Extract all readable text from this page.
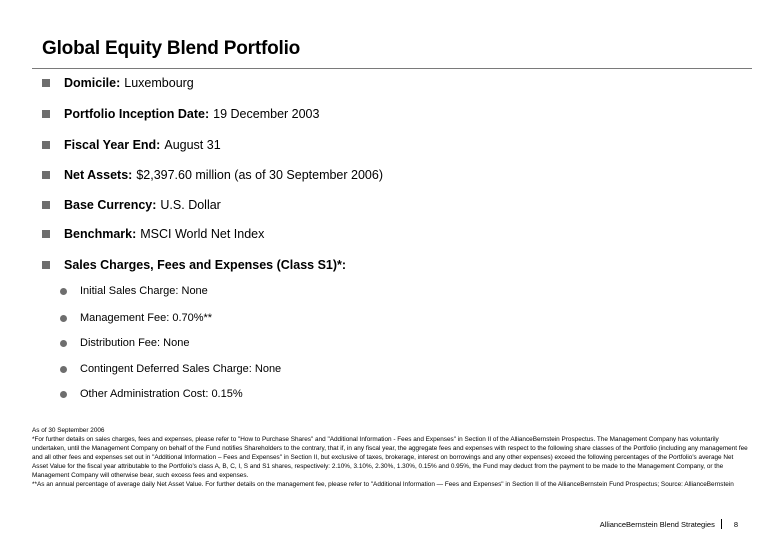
Global Equity Blend Portfolio
Domicile: Luxembourg
Portfolio Inception Date: 19 December 2003
Fiscal Year End: August 31
Net Assets: $2,397.60 million (as of 30 September 2006)
Base Currency: U.S. Dollar
Benchmark: MSCI World Net Index
Sales Charges, Fees and Expenses (Class S1)*:
Initial Sales Charge: None
Management Fee: 0.70%**
Distribution Fee: None
Contingent Deferred Sales Charge: None
Other Administration Cost: 0.15%

As of 30 September 2006

*For further details on sales charges, fees and expenses, please refer to "How to Purchase Shares" and "Additional Information - Fees and Expenses" in Section II of the AllianceBernstein Prospectus. The Management Company has voluntarily undertaken, until the Management Company on behalf of the Fund notifies Shareholders to the contrary, that if, in any fiscal year, the aggregate fees and expenses with respect to the following share classes of the Portfolio (including any management fee and all other fees and expenses set out in "Additional Information – Fees and Expenses" in Section II, but exclusive of taxes, brokerage, interest on borrowings and any other expenses) exceed the following percentages of the Portfolio's average Net Asset Value for the fiscal year attributable to the Portfolio's class A, B, C, I, S and S1 shares, respectively: 2.10%, 3.10%, 2.30%, 1.30%, 0.15% and 0.95%, the Fund may deduct from the payment to be made to the Management Company, or the Management Company will otherwise bear, such excess fees and expenses.

**As an annual percentage of average daily Net Asset Value. For further details on the management fee, please refer to "Additional Information — Fees and Expenses" in Section II of the AllianceBernstein Fund Prospectus; Source: AllianceBernstein

AllianceBernstein Blend Strategies	8
